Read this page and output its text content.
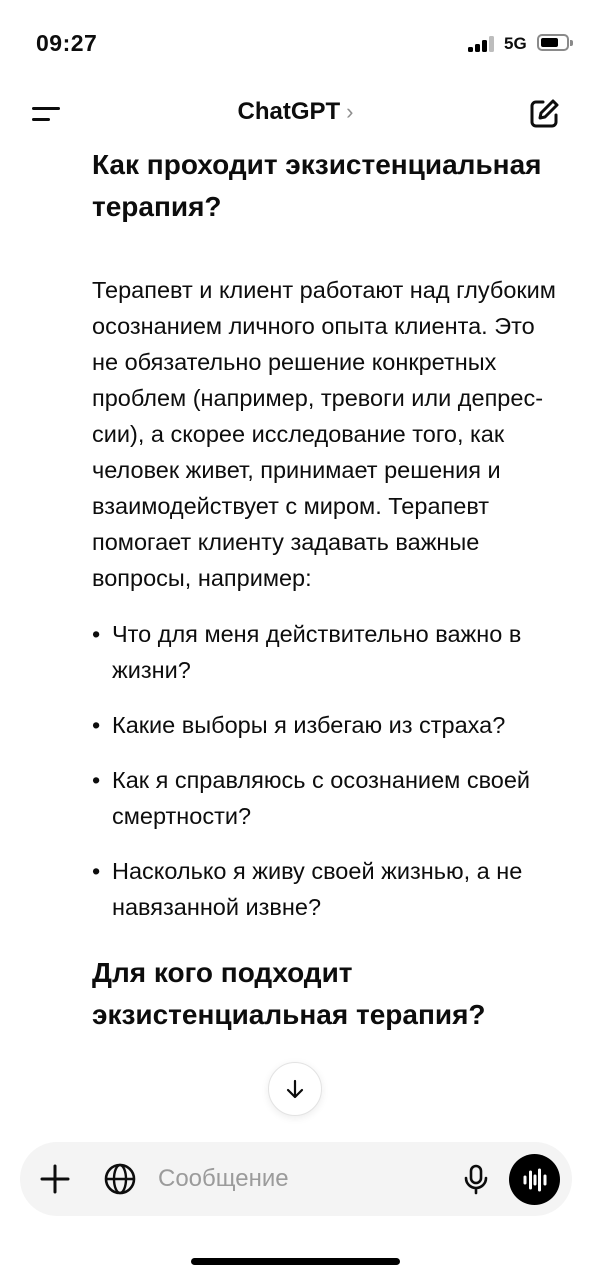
09:27	5G
ChatGPT ›
Как проходит экзистенциальная терапия?
Терапевт и клиент работают над глубоким осознанием личного опыта клиента. Это не обязательно решение конкретных проблем (например, тревоги или депрессии), а скорее исследование того, как человек живет, принимает решения и взаимодействует с миром. Терапевт помогает клиенту задавать важные вопросы, например:
• Что для меня действительно важно в жизни?
• Какие выборы я избегаю из страха?
• Как я справляюсь с осознанием своей смертности?
• Насколько я живу своей жизнью, а не навязанной извне?
Для кого подходит экзистенциальная терапия?
Сообщение
